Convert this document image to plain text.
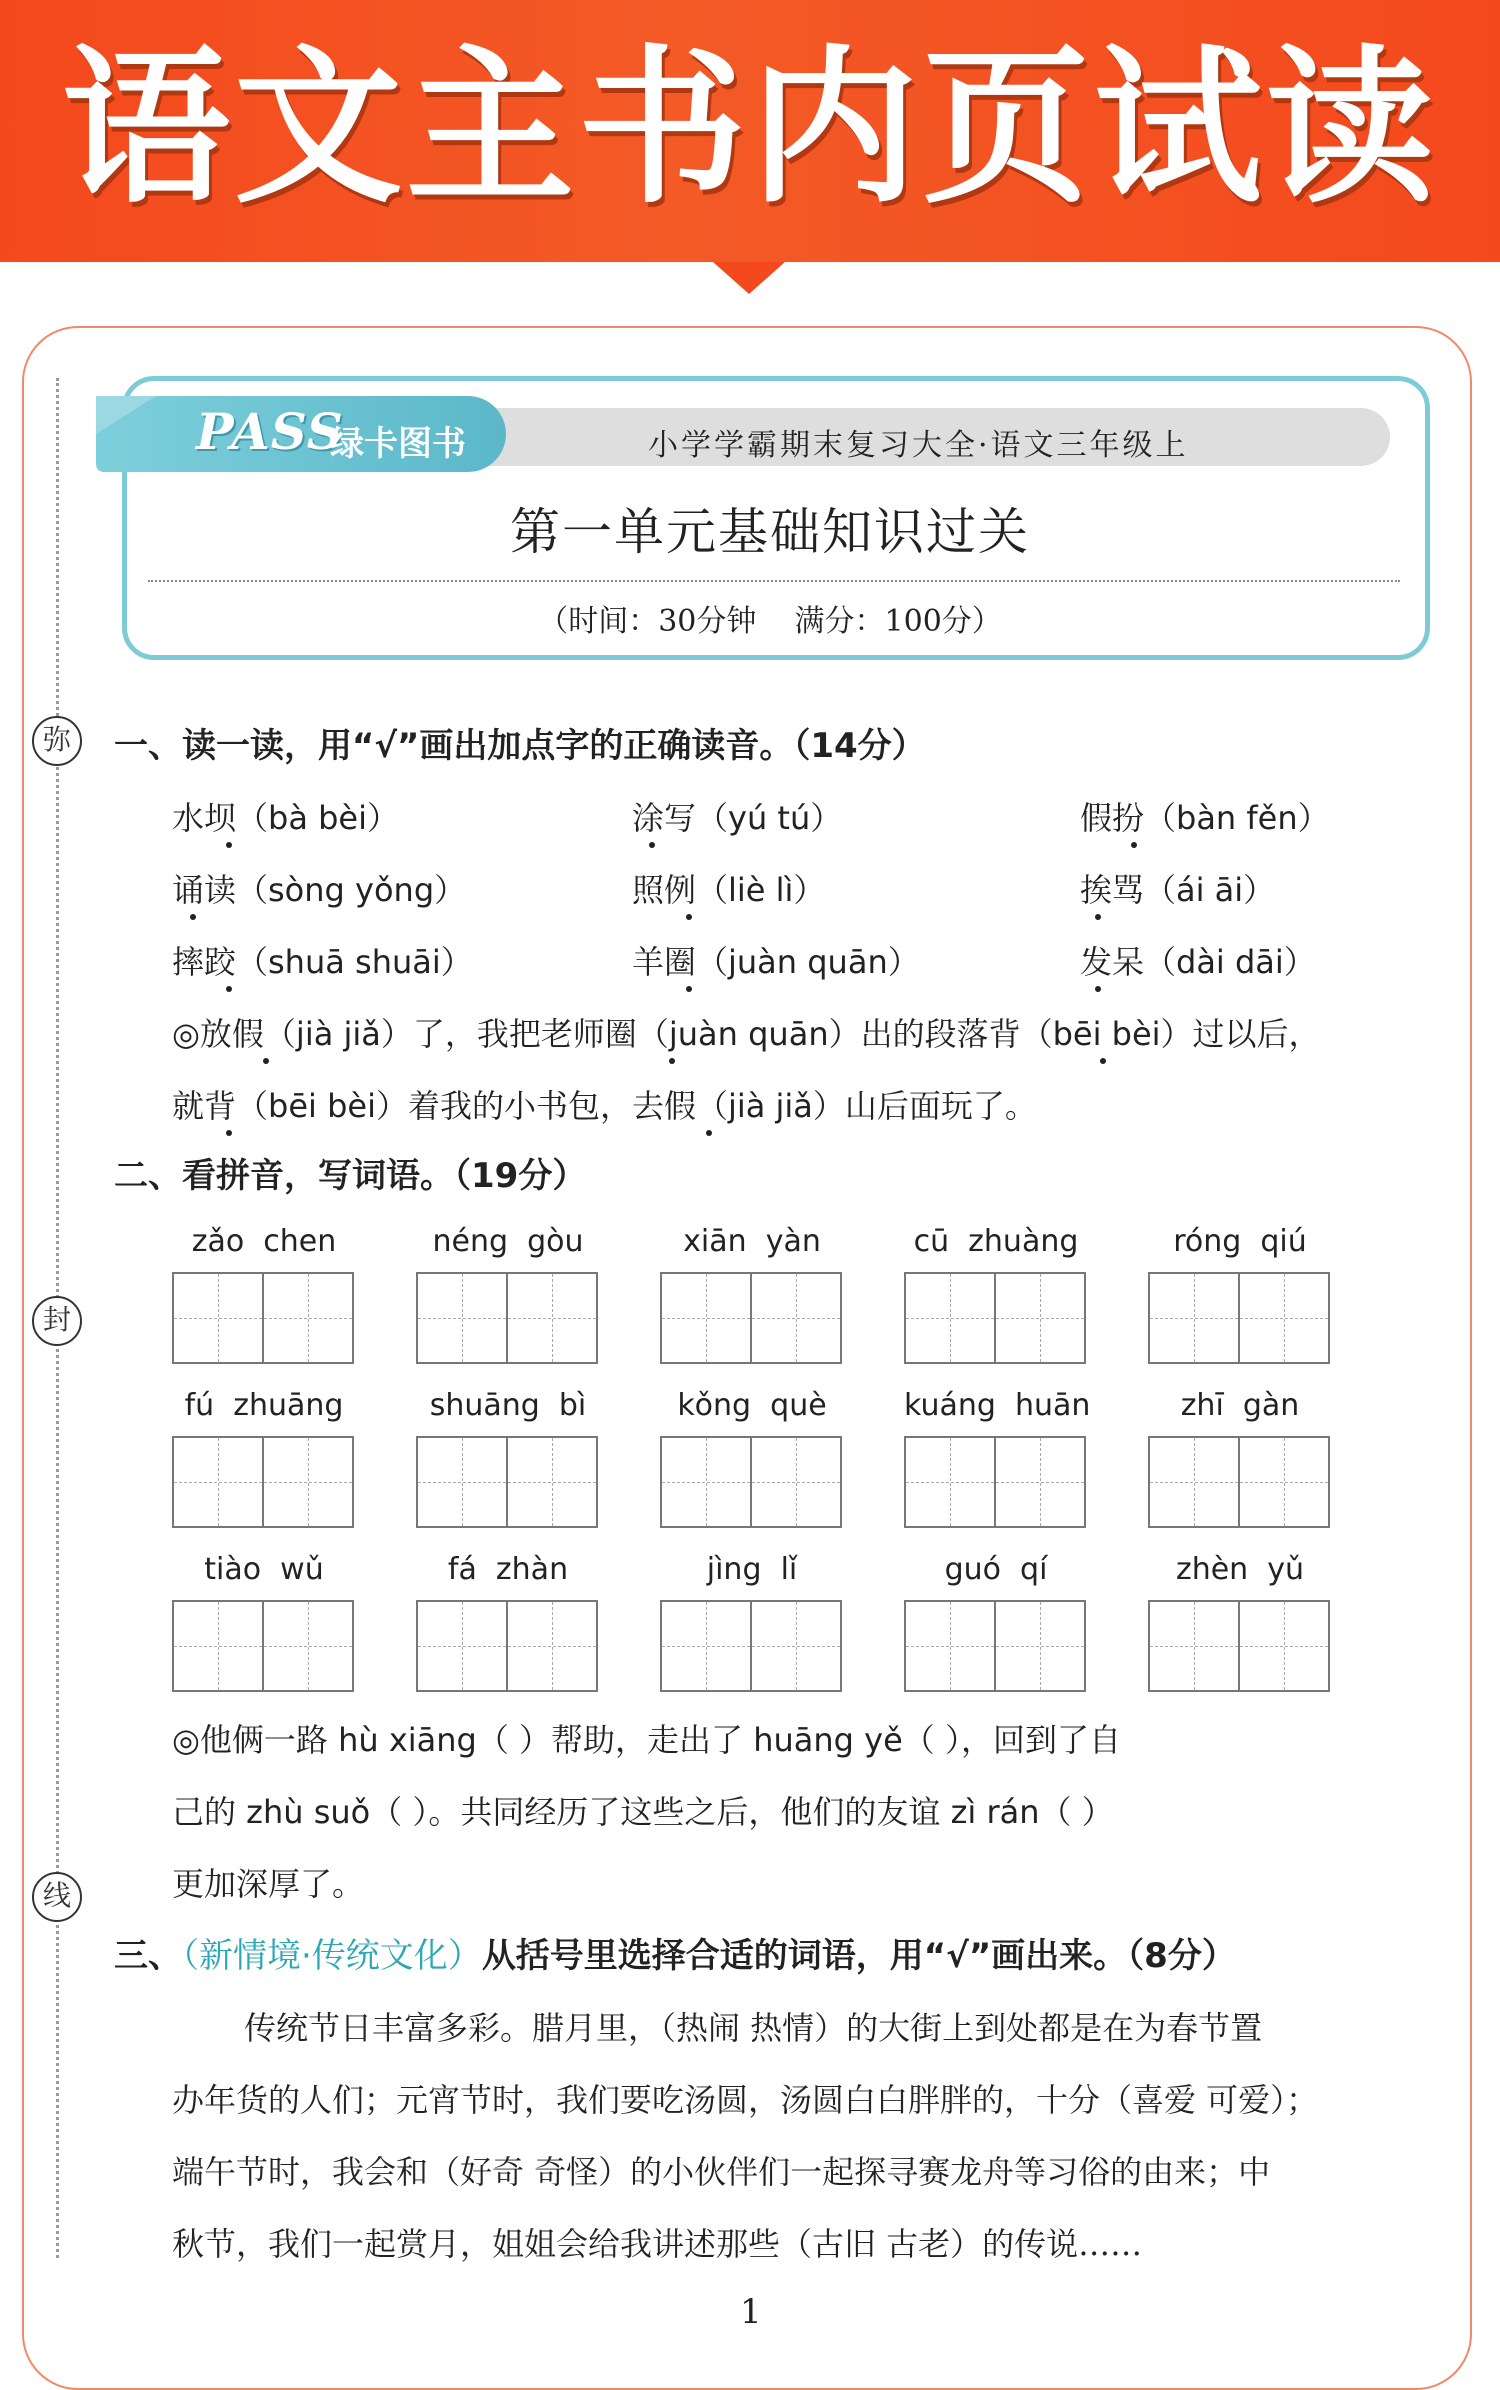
语文主书内页试读
弥
封
线
PASS
绿卡图书	小学学霸期末复习大全·语文三年级上
第一单元基础知识过关
（时间：30分钟    满分：100分）
一、读一读，用“√”画出加点字的正确读音。（14分）
水坝（bà bèi）	涂写（yú tú）	假扮（bàn fěn）
诵读（sòng yǒng）	照例（liè lì）	挨骂（ái āi）
摔跤（shuā shuāi）	羊圈（juàn quān）	发呆（dài dāi）
◎放假（jià jiǎ）了，我把老师圈（juàn quān）出的段落背（bēi bèi）过以后，
就背（bēi bèi）着我的小书包，去假（jià jiǎ）山后面玩了。
二、看拼音，写词语。（19分）
zǎo  chen	néng  gòu	xiān  yàn	cū  zhuàng	róng  qiú
fú  zhuāng	shuāng  bì	kǒng  què	kuáng  huān	zhī  gàn
tiào  wǔ	fá  zhàn	jìng  lǐ	guó  qí	zhèn  yǔ
◎他俩一路 hù xiāng（ ）帮助，走出了 huāng yě（ ），回到了自
己的 zhù suǒ（ ）。共同经历了这些之后，他们的友谊 zì rán（ ）
更加深厚了。
三、（新情境·传统文化）从括号里选择合适的词语，用“√”画出来。（8分）
传统节日丰富多彩。腊月里，（热闹 热情）的大街上到处都是在为春节置
办年货的人们；元宵节时，我们要吃汤圆，汤圆白白胖胖的，十分（喜爱 可爱）；
端午节时，我会和（好奇 奇怪）的小伙伴们一起探寻赛龙舟等习俗的由来；中
秋节，我们一起赏月，姐姐会给我讲述那些（古旧 古老）的传说……
1
